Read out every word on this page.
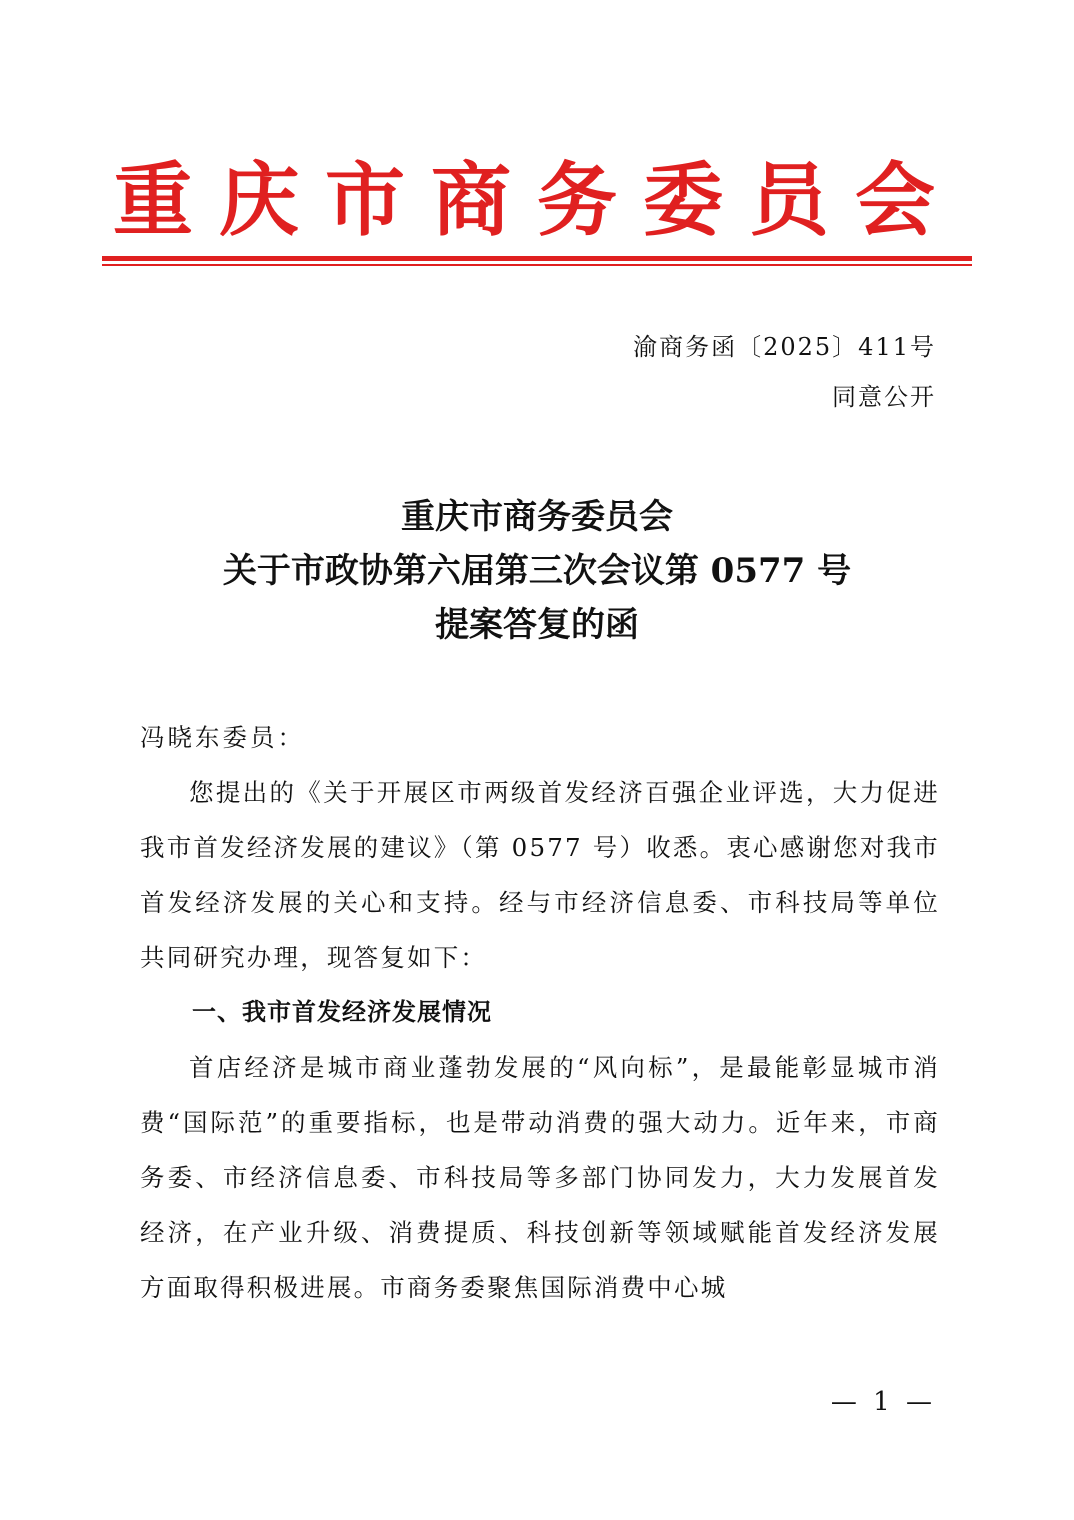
重庆市商务委员会
渝商务函〔2025〕411号
同意公开
重庆市商务委员会
关于市政协第六届第三次会议第 0577 号
提案答复的函
冯晓东委员：

您提出的《关于开展区市两级首发经济百强企业评选，大力促进我市首发经济发展的建议》（第 0577 号）收悉。衷心感谢您对我市首发经济发展的关心和支持。经与市经济信息委、市科技局等单位共同研究办理，现答复如下：

一、我市首发经济发展情况

首店经济是城市商业蓬勃发展的“风向标”，是最能彰显城市消费“国际范”的重要指标，也是带动消费的强大动力。近年来，市商务委、市经济信息委、市科技局等多部门协同发力，大力发展首发经济，在产业升级、消费提质、科技创新等领域赋能首发经济发展方面取得积极进展。市商务委聚焦国际消费中心城

— 1 —
